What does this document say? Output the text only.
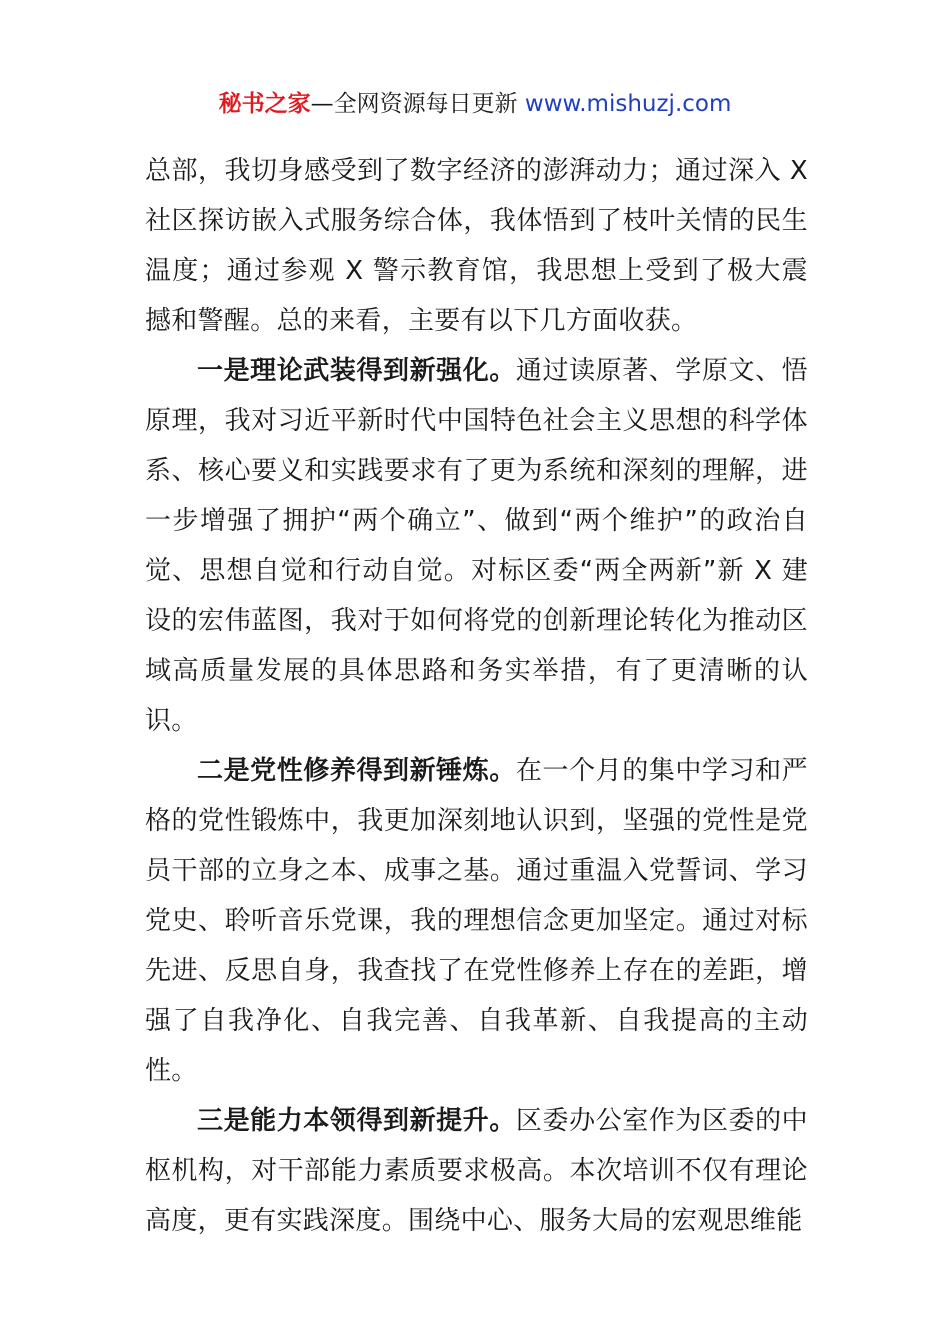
秘书之家—全网资源每日更新 www.mishuzj.com

总部，我切身感受到了数字经济的澎湃动力；通过深入 X 社区探访嵌入式服务综合体，我体悟到了枝叶关情的民生温度；通过参观 X 警示教育馆，我思想上受到了极大震撼和警醒。总的来看，主要有以下几方面收获。

一是理论武装得到新强化。通过读原著、学原文、悟原理，我对习近平新时代中国特色社会主义思想的科学体系、核心要义和实践要求有了更为系统和深刻的理解，进一步增强了拥护“两个确立”、做到“两个维护”的政治自觉、思想自觉和行动自觉。对标区委“两全两新”新 X 建设的宏伟蓝图，我对于如何将党的创新理论转化为推动区域高质量发展的具体思路和务实举措，有了更清晰的认识。

二是党性修养得到新锤炼。在一个月的集中学习和严格的党性锻炼中，我更加深刻地认识到，坚强的党性是党员干部的立身之本、成事之基。通过重温入党誓词、学习党史、聆听音乐党课，我的理想信念更加坚定。通过对标先进、反思自身，我查找了在党性修养上存在的差距，增强了自我净化、自我完善、自我革新、自我提高的主动性。

三是能力本领得到新提升。区委办公室作为区委的中枢机构，对干部能力素质要求极高。本次培训不仅有理论高度，更有实践深度。围绕中心、服务大局的宏观思维能
